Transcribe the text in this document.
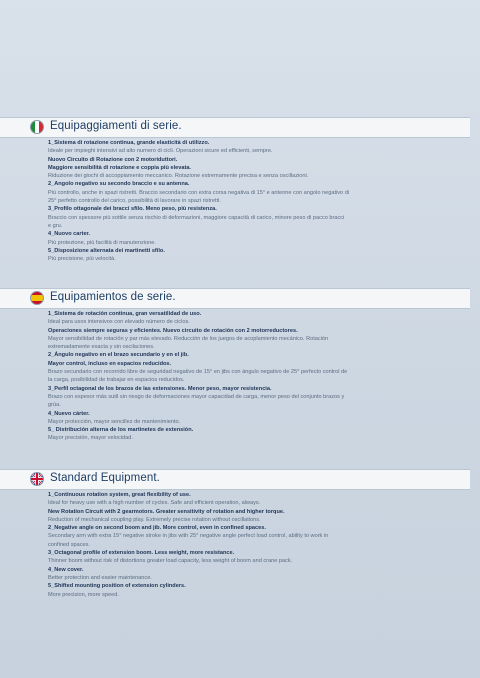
Equipaggiamenti di serie.

1_Sistema di rotazione continua, grande elasticità di utilizzo.

Ideale per impieghi intensivi ad alto numero di cicli. Operazioni sicure ed efficienti, sempre.

Nuovo Circuito di Rotazione con 2 motoriduttori.

Maggiore sensibilità di rotazione e coppia più elevata.

Riduzione dei giochi di accoppiamento meccanico. Rotazione estremamente precisa e senza oscillazioni.

2_Angolo negativo su secondo braccio e su antenna.

Più controllo, anche in spazi ristretti. Braccio secondario con extra corsa negativa di 15° e antenne con angolo negativo di

25° perfetto controllo del carico, possibilità di lavorare in spazi ristretti.

3_Profilo ottagonale dei bracci sfilo. Meno peso, più resistenza.

Braccio con spessore più sottile senza rischio di deformazioni, maggiore capacità di carico, minore peso di pacco bracci

e gru.

4_Nuovo carter.

Più protezione, più facilità di manutenzione.

5_Disposizione alternata dei martinetti sfilo.

Più precisione, più velocità.

Equipamientos de serie.

1_Sistema de rotación continua, gran versatilidad de uso.

Ideal para usos intensivos con elevado número de ciclos.

Operaciones siempre seguras y eficientes. Nuevo circuito de rotación con 2 motorreductores.

Mayor sensibilidad de rotación y par más elevado. Reducción de los juegos de acoplamiento mecánico. Rotación

extremadamente exacta y sin oscilaciones.

2_Ángulo negativo en el brazo secundario y en el jib.

Mayor control, incluso en espacios reducidos.

Brazo secundario con recorrido libre de seguridad negativo de 15° en jibs con ángulo negativo de 25° perfecto control de

la carga, posibilidad de trabajar en espacios reducidos.

3_Perfil octagonal de los brazos de las extensiones. Menor peso, mayor resistencia.

Brazo con espesor más sutil sin riesgo de deformaciones mayor capacidad de carga, menor peso del conjunto brazos y

grúa.

4_Nuevo cárter.

Mayor protección, mayor sencillez de mantenimiento.

5_ Distribución alterna de los martinetes de extensión.

Mayor precisión, mayor velocidad.

Standard Equipment.

1_Continuous rotation system, great flexibility of use.

Ideal for heavy use with a high number of cycles. Safe and efficient operation, always.

New Rotation Circuit with 2 gearmotors. Greater sensitivity of rotation and higher torque.

Reduction of mechanical coupling play. Extremely precise rotation without oscillations.

2_Negative angle on second boom and jib. More control, even in confined spaces.

Secondary arm with extra 15° negative stroke in jibs with 25° negative angle perfect load control, ability to work in

confined spaces.

3_Octagonal profile of extension boom. Less weight, more resistance.

Thinner boom without risk of distortions greater load capacity, less weight of boom and crane pack.

4_New cover.

Better protection and easier maintenance.

5_Shifted mounting position of extension cylinders.

More precision, more speed.
